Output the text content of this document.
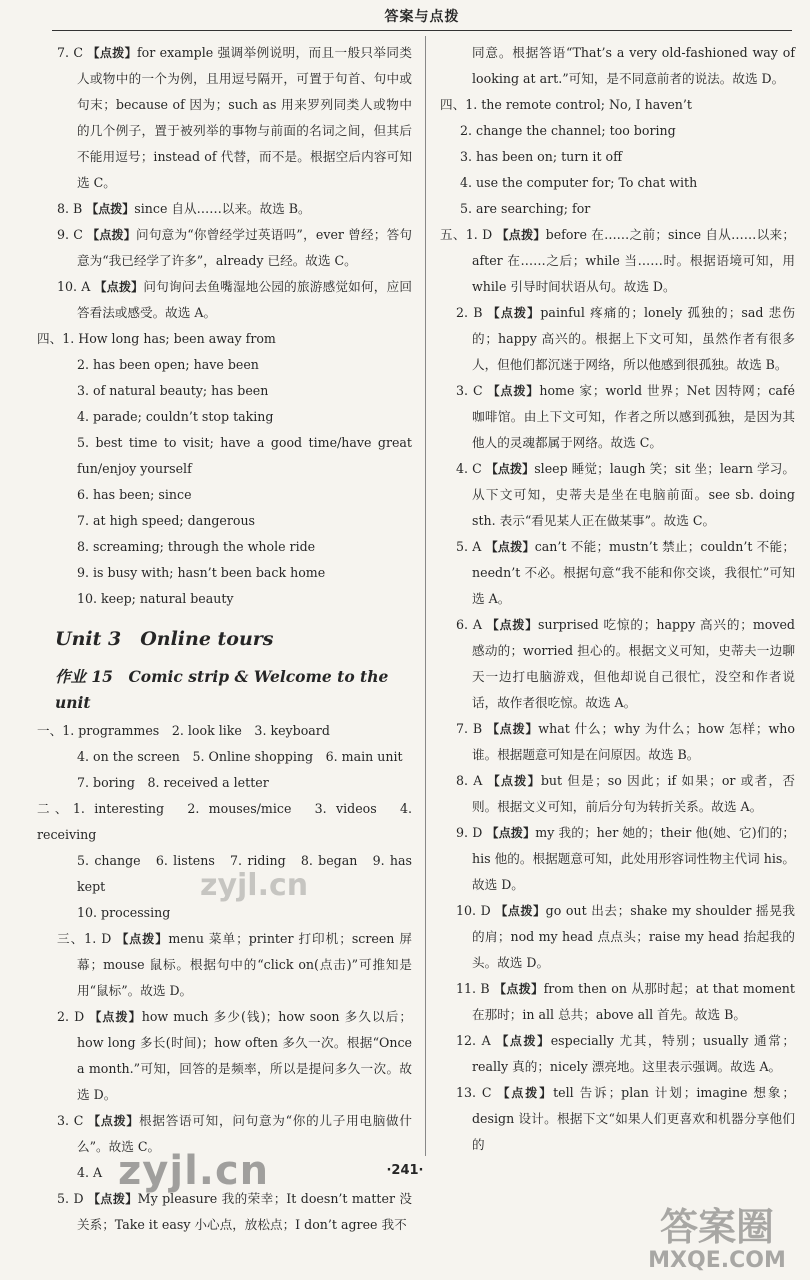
答案与点拨

7. C 【点拨】for example 强调举例说明，而且一般只举同类人或物中的一个为例，且用逗号隔开，可置于句首、句中或句末；because of 因为；such as 用来罗列同类人或物中的几个例子，置于被列举的事物与前面的名词之间，但其后不能用逗号；instead of 代替，而不是。根据空后内容可知选 C。

8. B 【点拨】since 自从……以来。故选 B。

9. C 【点拨】问句意为“你曾经学过英语吗”，ever 曾经；答句意为“我已经学了许多”，already 已经。故选 C。

10. A 【点拨】问句询问去鱼嘴湿地公园的旅游感觉如何，应回答看法或感受。故选 A。

四、1. How long has; been away from

2. has been open; have been

3. of natural beauty; has been

4. parade; couldn’t stop taking

5. best time to visit; have a good time/have great fun/enjoy yourself

6. has been; since

7. at high speed; dangerous

8. screaming; through the whole ride

9. is busy with; hasn’t been back home

10. keep; natural beauty

Unit 3　Online tours
作业 15　Comic strip & Welcome to the unit

一、1. programmes　2. look like　3. keyboard

4. on the screen　5. Online shopping　6. main unit

7. boring　8. received a letter

二、1. interesting　2. mouses/mice　3. videos　4. receiving

5. change　6. listens　7. riding　8. began　9. has kept

10. processing

三、1. D 【点拨】menu 菜单；printer 打印机；screen 屏幕；mouse 鼠标。根据句中的“click on(点击)”可推知是用“鼠标”。故选 D。

2. D 【点拨】how much 多少(钱)；how soon 多久以后；how long 多长(时间)；how often 多久一次。根据“Once a month.”可知，回答的是频率，所以是提问多久一次。故选 D。

3. C 【点拨】根据答语可知，问句意为“你的儿子用电脑做什么”。故选 C。

4. A

5. D 【点拨】My pleasure 我的荣幸；It doesn’t matter 没关系；Take it easy 小心点，放松点；I don’t agree 我不

同意。根据答语“That’s a very old-fashioned way of looking at art.”可知，是不同意前者的说法。故选 D。

四、1. the remote control; No, I haven’t

2. change the channel; too boring

3. has been on; turn it off

4. use the computer for; To chat with

5. are searching; for

五、1. D 【点拨】before 在……之前；since 自从……以来；after 在……之后；while 当……时。根据语境可知，用 while 引导时间状语从句。故选 D。

2. B 【点拨】painful 疼痛的；lonely 孤独的；sad 悲伤的；happy 高兴的。根据上下文可知，虽然作者有很多人，但他们都沉迷于网络，所以他感到很孤独。故选 B。

3. C 【点拨】home 家；world 世界；Net 因特网；café 咖啡馆。由上下文可知，作者之所以感到孤独，是因为其他人的灵魂都属于网络。故选 C。

4. C 【点拨】sleep 睡觉；laugh 笑；sit 坐；learn 学习。从下文可知，史蒂夫是坐在电脑前面。see sb. doing sth. 表示“看见某人正在做某事”。故选 C。

5. A 【点拨】can’t 不能；mustn’t 禁止；couldn’t 不能；needn’t 不必。根据句意“我不能和你交谈，我很忙”可知选 A。

6. A 【点拨】surprised 吃惊的；happy 高兴的；moved 感动的；worried 担心的。根据文义可知，史蒂夫一边聊天一边打电脑游戏，但他却说自己很忙，没空和作者说话，故作者很吃惊。故选 A。

7. B 【点拨】what 什么；why 为什么；how 怎样；who 谁。根据题意可知是在问原因。故选 B。

8. A 【点拨】but 但是；so 因此；if 如果；or 或者，否则。根据文义可知，前后分句为转折关系。故选 A。

9. D 【点拨】my 我的；her 她的；their 他(她、它)们的；his 他的。根据题意可知，此处用形容词性物主代词 his。故选 D。

10. D 【点拨】go out 出去；shake my shoulder 摇晃我的肩；nod my head 点点头；raise my head 抬起我的头。故选 D。

11. B 【点拨】from then on 从那时起；at that moment 在那时；in all 总共；above all 首先。故选 B。

12. A 【点拨】especially 尤其，特别；usually 通常；really 真的；nicely 漂亮地。这里表示强调。故选 A。

13. C 【点拨】tell 告诉；plan 计划；imagine 想象；design 设计。根据下文“如果人们更喜欢和机器分享他们的

·241·
zyjl.cn
zyjl.cn
答案圈
MXQE.COM
